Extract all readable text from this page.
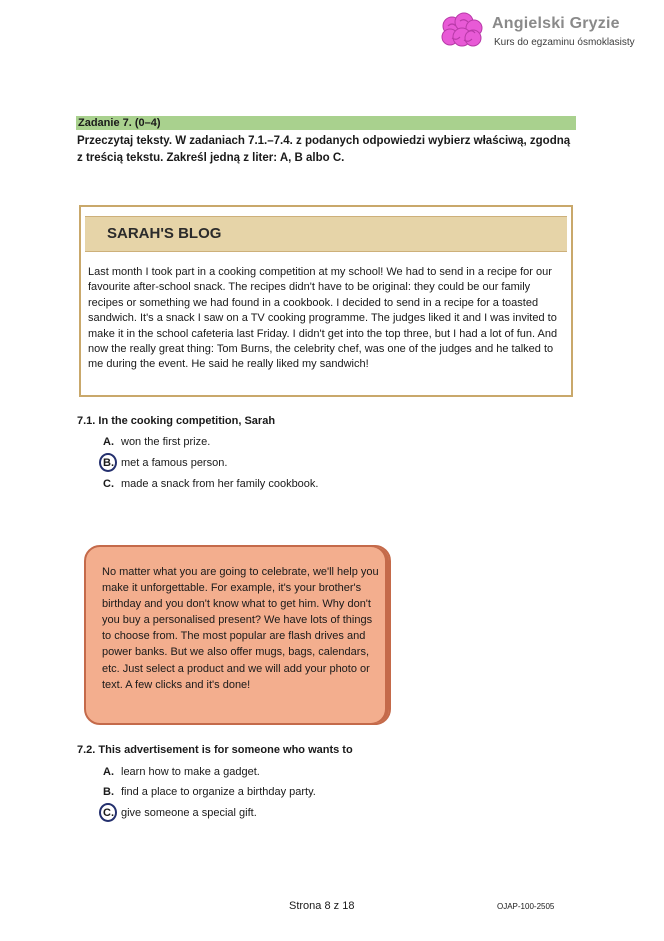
Angielski Gryzie
Kurs do egzaminu ósmoklasisty
Zadanie 7. (0–4)
Przeczytaj teksty. W zadaniach 7.1.–7.4. z podanych odpowiedzi wybierz właściwą, zgodną z treścią tekstu. Zakreśl jedną z liter: A, B albo C.
SARAH'S BLOG
Last month I took part in a cooking competition at my school! We had to send in a recipe for our favourite after-school snack. The recipes didn't have to be original: they could be our family recipes or something we had found in a cookbook. I decided to send in a recipe for a toasted sandwich. It's a snack I saw on a TV cooking programme. The judges liked it and I was invited to make it in the school cafeteria last Friday. I didn't get into the top three, but I had a lot of fun. And now the really great thing: Tom Burns, the celebrity chef, was one of the judges and he talked to me during the event. He said he really liked my sandwich!
7.1. In the cooking competition, Sarah
A. won the first prize.
B. met a famous person.
C. made a snack from her family cookbook.
No matter what you are going to celebrate, we'll help you make it unforgettable. For example, it's your brother's birthday and you don't know what to get him. Why don't you buy a personalised present? We have lots of things to choose from. The most popular are flash drives and power banks. But we also offer mugs, bags, calendars, etc. Just select a product and we will add your photo or text. A few clicks and it's done!
7.2. This advertisement is for someone who wants to
A. learn how to make a gadget.
B. find a place to organize a birthday party.
C. give someone a special gift.
Strona 8 z 18	OJAP-100-2505
